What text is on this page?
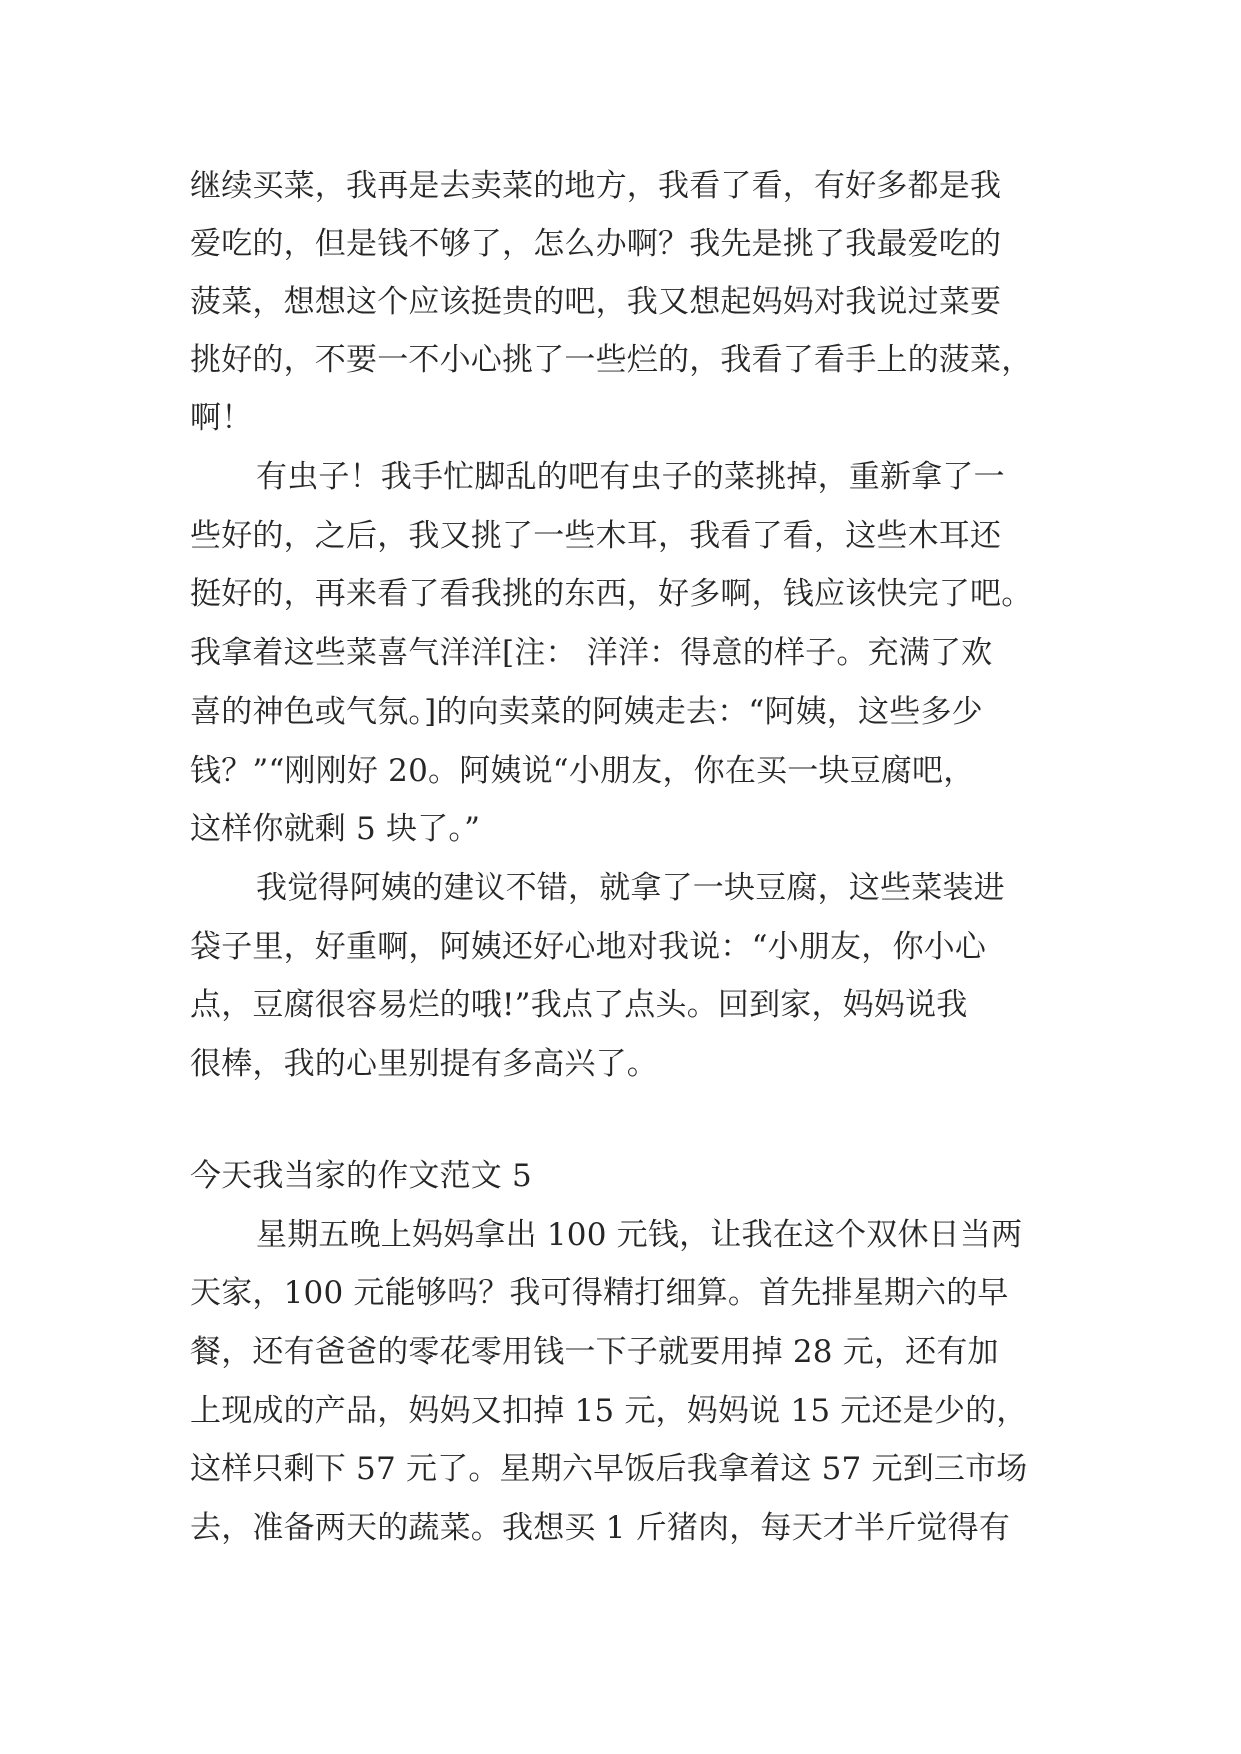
继续买菜，我再是去卖菜的地方，我看了看，有好多都是我
爱吃的，但是钱不够了，怎么办啊？我先是挑了我最爱吃的
菠菜，想想这个应该挺贵的吧，我又想起妈妈对我说过菜要
挑好的，不要一不小心挑了一些烂的，我看了看手上的菠菜，
啊！
有虫子！我手忙脚乱的吧有虫子的菜挑掉，重新拿了一
些好的，之后，我又挑了一些木耳，我看了看，这些木耳还
挺好的，再来看了看我挑的东西，好多啊，钱应该快完了吧。
我拿着这些菜喜气洋洋[注： 洋洋：得意的样子。充满了欢
喜的神色或气氛。]的向卖菜的阿姨走去：“阿姨，这些多少
钱？”“刚刚好 20。阿姨说“小朋友，你在买一块豆腐吧，
这样你就剩 5 块了。”
我觉得阿姨的建议不错，就拿了一块豆腐，这些菜装进
袋子里，好重啊，阿姨还好心地对我说：“小朋友，你小心
点，豆腐很容易烂的哦!”我点了点头。回到家，妈妈说我
很棒，我的心里别提有多高兴了。
今天我当家的作文范文 5
星期五晚上妈妈拿出 100 元钱，让我在这个双休日当两
天家，100 元能够吗？我可得精打细算。首先排星期六的早
餐，还有爸爸的零花零用钱一下子就要用掉 28 元，还有加
上现成的产品，妈妈又扣掉 15 元，妈妈说 15 元还是少的，
这样只剩下 57 元了。星期六早饭后我拿着这 57 元到三市场
去，准备两天的蔬菜。我想买 1 斤猪肉，每天才半斤觉得有
